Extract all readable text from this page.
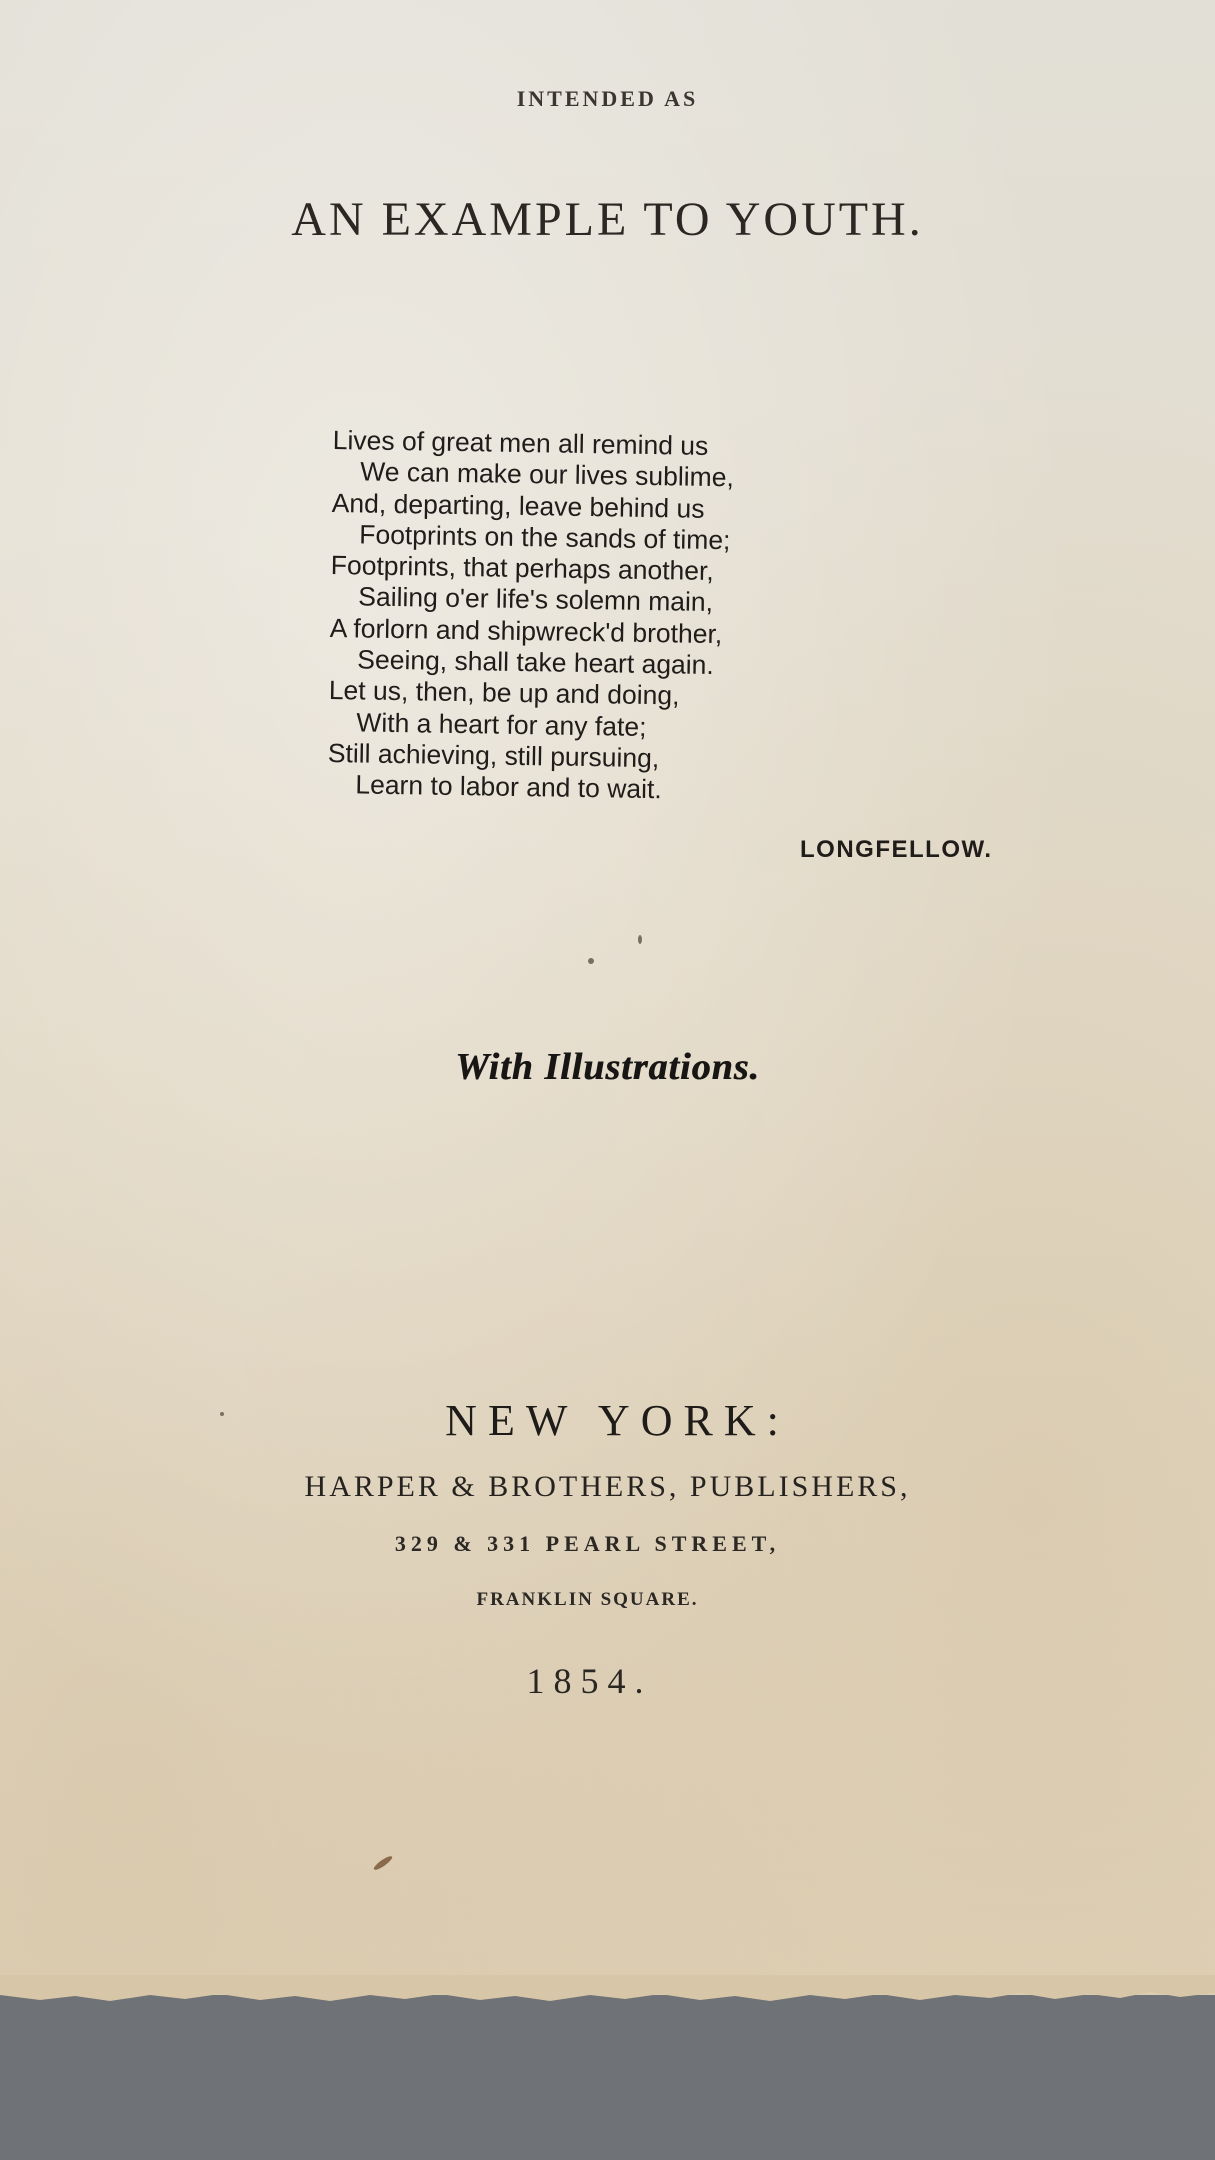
INTENDED AS
AN EXAMPLE TO YOUTH.
Lives of great men all remind us
We can make our lives sublime,
And, departing, leave behind us
Footprints on the sands of time;
Footprints, that perhaps another,
Sailing o'er life's solemn main,
A forlorn and shipwreck'd brother,
Seeing, shall take heart again.
Let us, then, be up and doing,
With a heart for any fate;
Still achieving, still pursuing,
Learn to labor and to wait.
LONGFELLOW.
With Illustrations.
NEW YORK:
HARPER & BROTHERS, PUBLISHERS,
329 & 331 PEARL STREET,
FRANKLIN SQUARE.
1854.
